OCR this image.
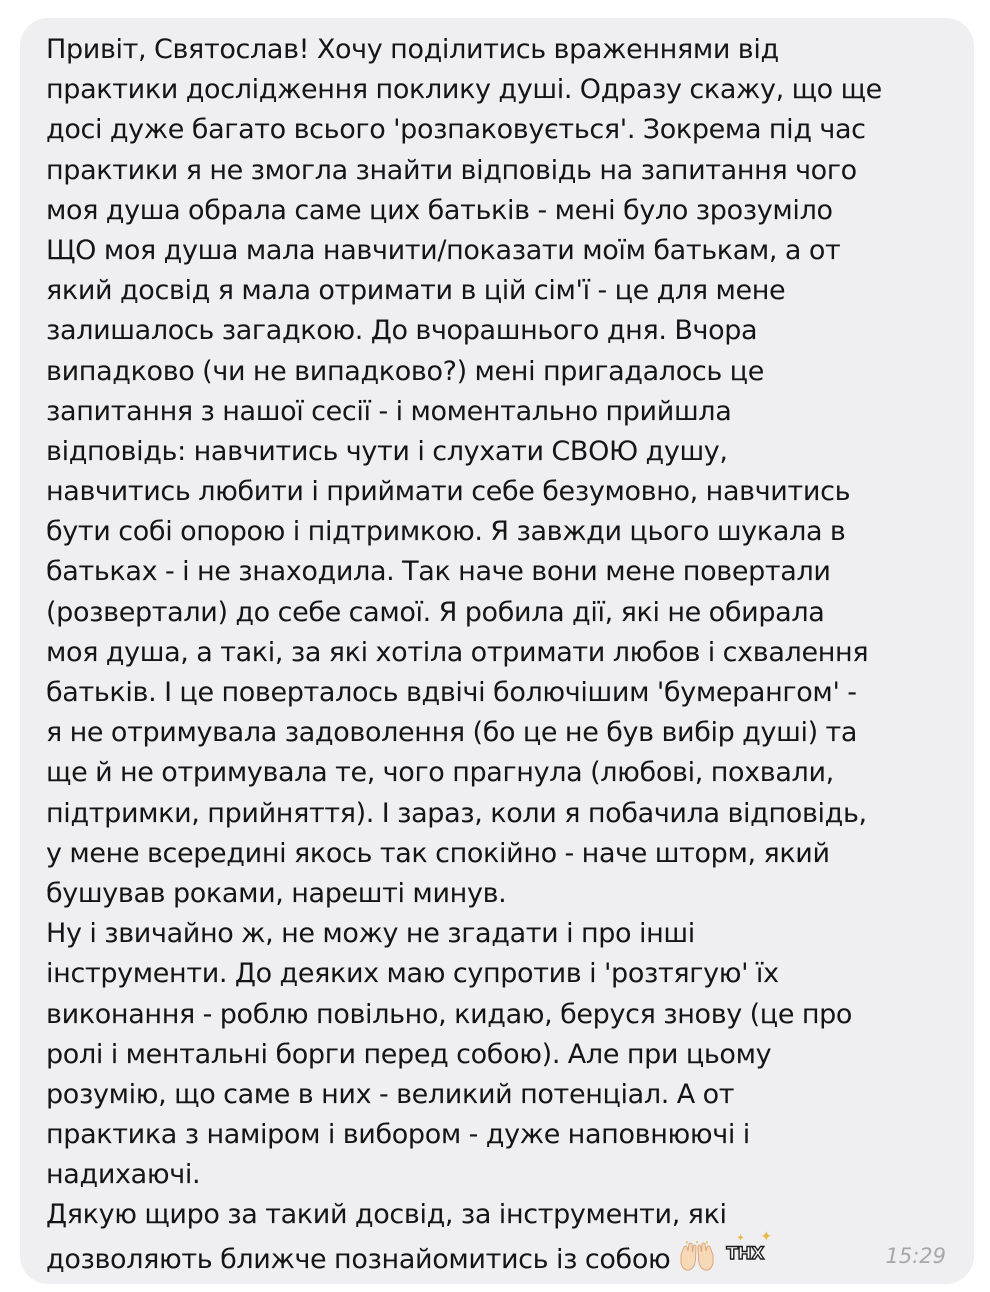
Привіт, Святослав! Хочу поділитись враженнями від
практики дослідження поклику душі. Одразу скажу, що ще
досі дуже багато всього 'розпаковується'. Зокрема під час
практики я не змогла знайти відповідь на запитання чого
моя душа обрала саме цих батьків - мені було зрозуміло
ЩО моя душа мала навчити/показати моїм батькам, а от
який досвід я мала отримати в цій сім'ї - це для мене
залишалось загадкою. До вчорашнього дня. Вчора
випадково (чи не випадково?) мені пригадалось це
запитання з нашої сесії - і моментально прийшла
відповідь: навчитись чути і слухати СВОЮ душу,
навчитись любити і приймати себе безумовно, навчитись
бути собі опорою і підтримкою. Я завжди цього шукала в
батьках - і не знаходила. Так наче вони мене повертали
(розвертали) до себе самої. Я робила дії, які не обирала
моя душа, а такі, за які хотіла отримати любов і схвалення
батьків. І це поверталось вдвічі болючішим 'бумерангом' -
я не отримувала задоволення (бо це не був вибір душі) та
ще й не отримувала те, чого прагнула (любові, похвали,
підтримки, прийняття). І зараз, коли я побачила відповідь,
у мене всередині якось так спокійно - наче шторм, який
бушував роками, нарешті минув.
Ну і звичайно ж, не можу не згадати і про інші
інструменти. До деяких маю супротив і 'розтягую' їх
виконання - роблю повільно, кидаю, беруся знову (це про
ролі і ментальні борги перед собою). Але при цьому
розумію, що саме в них - великий потенціал. А от
практика з наміром і вибором - дуже наповнюючі і
надихаючі.
Дякую щиро за такий досвід, за інструменти, які
дозволяють ближче познайомитись із собою
✦ ✦
THX	15:29
